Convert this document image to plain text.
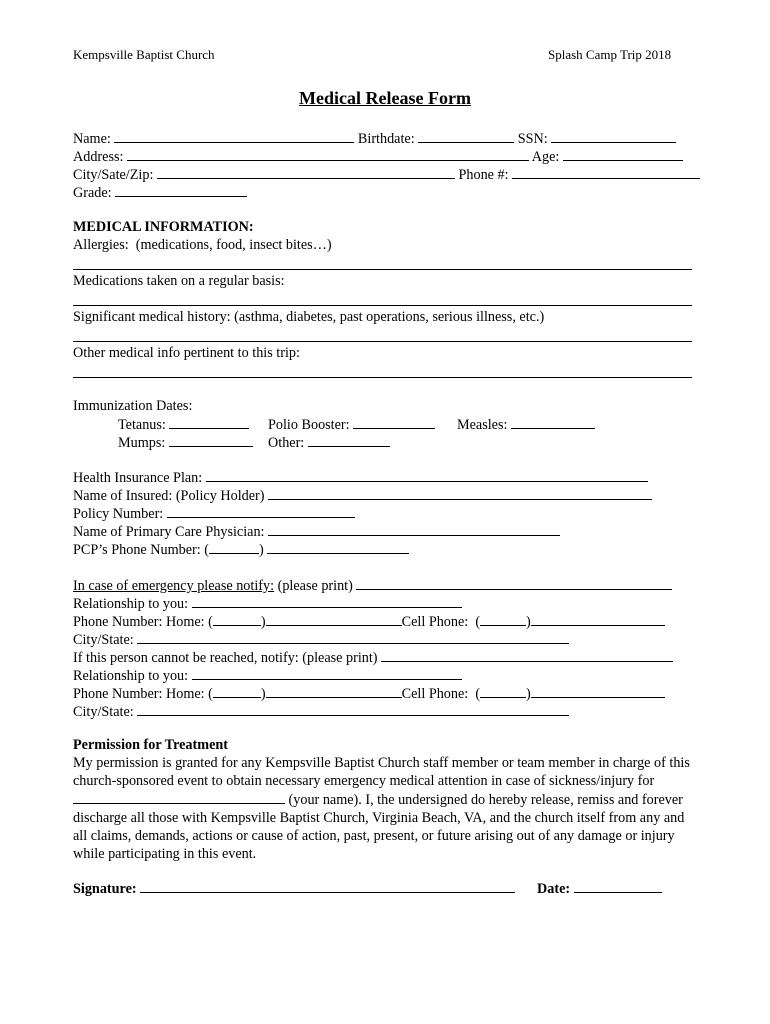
Kempsville Baptist Church	Splash Camp Trip 2018
Medical Release Form
Name:	Birthdate:	SSN:
Address:	Age:
City/Sate/Zip:	Phone #:
Grade:
MEDICAL INFORMATION:
Allergies:  (medications, food, insect bites…)
Medications taken on a regular basis:
Significant medical history: (asthma, diabetes, past operations, serious illness, etc.)
Other medical info pertinent to this trip:
Immunization Dates:
Tetanus:	Polio Booster:	Measles:
Mumps:	Other:
Health Insurance Plan:
Name of Insured: (Policy Holder)
Policy Number:
Name of Primary Care Physician:
PCP’s Phone Number: (	)
In case of emergency please notify: (please print)
Relationship to you:
Phone Number: Home: (	)	Cell Phone:  (	)
City/State:
If this person cannot be reached, notify: (please print)
Relationship to you:
Phone Number: Home: (	)	Cell Phone:  (	)
City/State:
Permission for Treatment
My permission is granted for any Kempsville Baptist Church staff member or team member in charge of this church-sponsored event to obtain necessary emergency medical attention in case of sickness/injury for  (your name). I, the undersigned do hereby release, remiss and forever discharge all those with Kempsville Baptist Church, Virginia Beach, VA, and the church itself from any and all claims, demands, actions or cause of action, past, present, or future arising out of any damage or injury while participating in this event.
Signature:	Date:
